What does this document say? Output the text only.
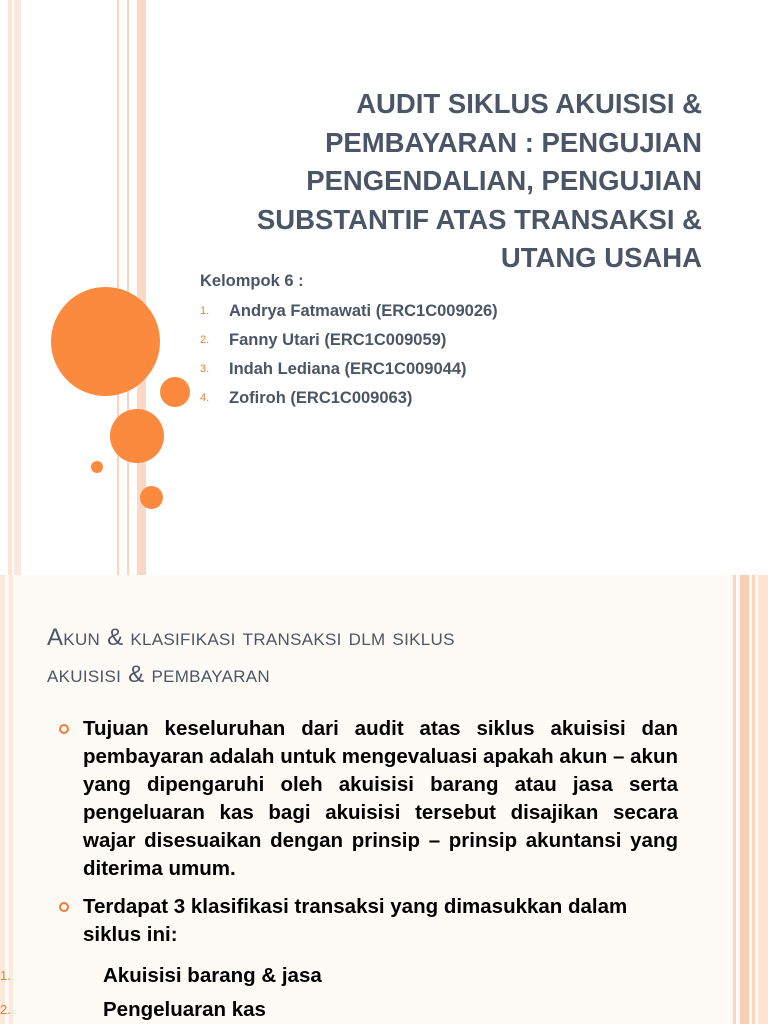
AUDIT SIKLUS AKUISISI &
PEMBAYARAN : PENGUJIAN
PENGENDALIAN, PENGUJIAN
SUBSTANTIF ATAS TRANSAKSI &
UTANG USAHA
Kelompok 6 :
1. Andrya Fatmawati (ERC1C009026)
2. Fanny Utari (ERC1C009059)
3. Indah Lediana (ERC1C009044)
4. Zofiroh (ERC1C009063)
Akun & klasifikasi transaksi dlm siklus
akuisisi & pembayaran
Tujuan keseluruhan dari audit atas siklus akuisisi dan pembayaran adalah untuk mengevaluasi apakah akun – akun yang dipengaruhi oleh akuisisi barang atau jasa serta pengeluaran kas bagi akuisisi tersebut disajikan secara wajar disesuaikan dengan prinsip – prinsip akuntansi yang diterima umum.
Terdapat 3 klasifikasi transaksi yang dimasukkan dalam siklus ini:
1.	Akuisisi barang & jasa
2.	Pengeluaran kas
